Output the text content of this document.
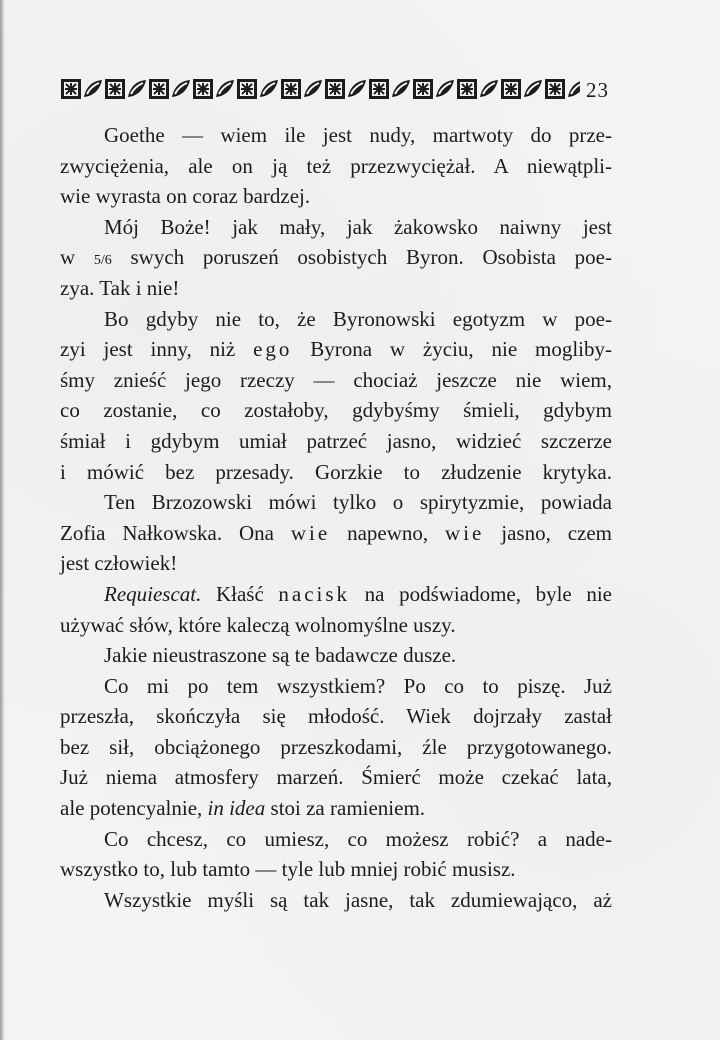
23
Goethe — wiem ile jest nudy, martwoty do prze-
zwyciężenia, ale on ją też przezwyciężał. A niewątpli-
wie wyrasta on coraz bardzej.
Mój Boże! jak mały, jak żakowsko naiwny jest
w 5/6 swych poruszeń osobistych Byron. Osobista poe-
zya. Tak i nie!
Bo gdyby nie to, że Byronowski egotyzm w poe-
zyi jest inny, niż ego Byrona w życiu, nie mogliby-
śmy znieść jego rzeczy — chociaż jeszcze nie wiem,
co zostanie, co zostałoby, gdybyśmy śmieli, gdybym
śmiał i gdybym umiał patrzeć jasno, widzieć szczerze
i mówić bez przesady. Gorzkie to złudzenie krytyka.
Ten Brzozowski mówi tylko o spirytyzmie, powiada
Zofia Nałkowska. Ona wie napewno, wie jasno, czem
jest człowiek!
Requiescat. Kłaść nacisk na podświadome, byle nie
używać słów, które kaleczą wolnomyślne uszy.
Jakie nieustraszone są te badawcze dusze.
Co mi po tem wszystkiem? Po co to piszę. Już
przeszła, skończyła się młodość. Wiek dojrzały zastał
bez sił, obciążonego przeszkodami, źle przygotowanego.
Już niema atmosfery marzeń. Śmierć może czekać lata,
ale potencyalnie, in idea stoi za ramieniem.
Co chcesz, co umiesz, co możesz robić? a nade-
wszystko to, lub tamto — tyle lub mniej robić musisz.
Wszystkie myśli są tak jasne, tak zdumiewająco, aż
